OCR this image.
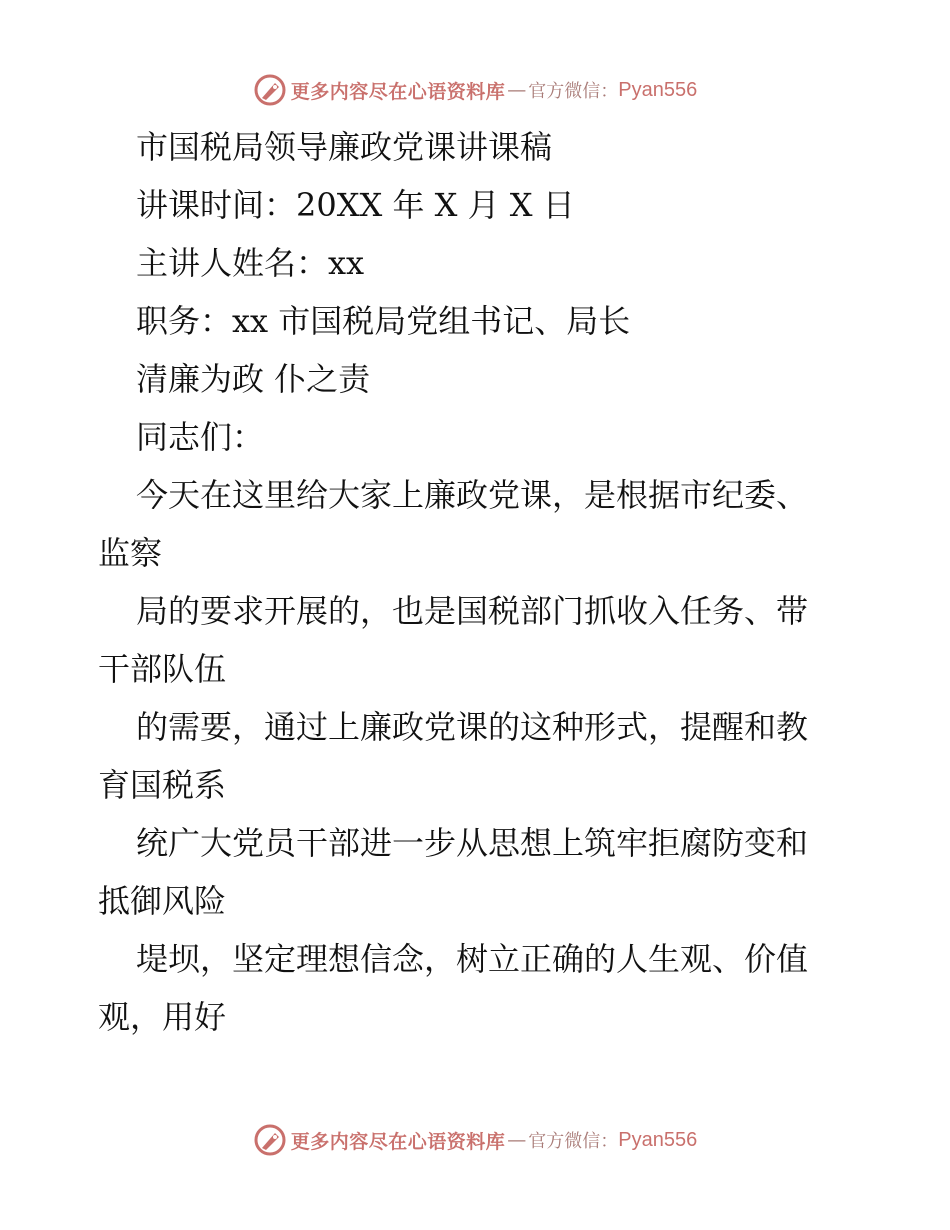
更多内容尽在心语资料库 — 官方微信： Pyan556
市国税局领导廉政党课讲课稿
讲课时间：20XX 年 X 月 X 日
主讲人姓名：xx
职务：xx 市国税局党组书记、局长
清廉为政 仆之责
同志们：
今天在这里给大家上廉政党课，是根据市纪委、
监察
局的要求开展的，也是国税部门抓收入任务、带
干部队伍
的需要，通过上廉政党课的这种形式，提醒和教
育国税系
统广大党员干部进一步从思想上筑牢拒腐防变和
抵御风险
堤坝，坚定理想信念，树立正确的人生观、价值
观，用好
更多内容尽在心语资料库 — 官方微信： Pyan556
